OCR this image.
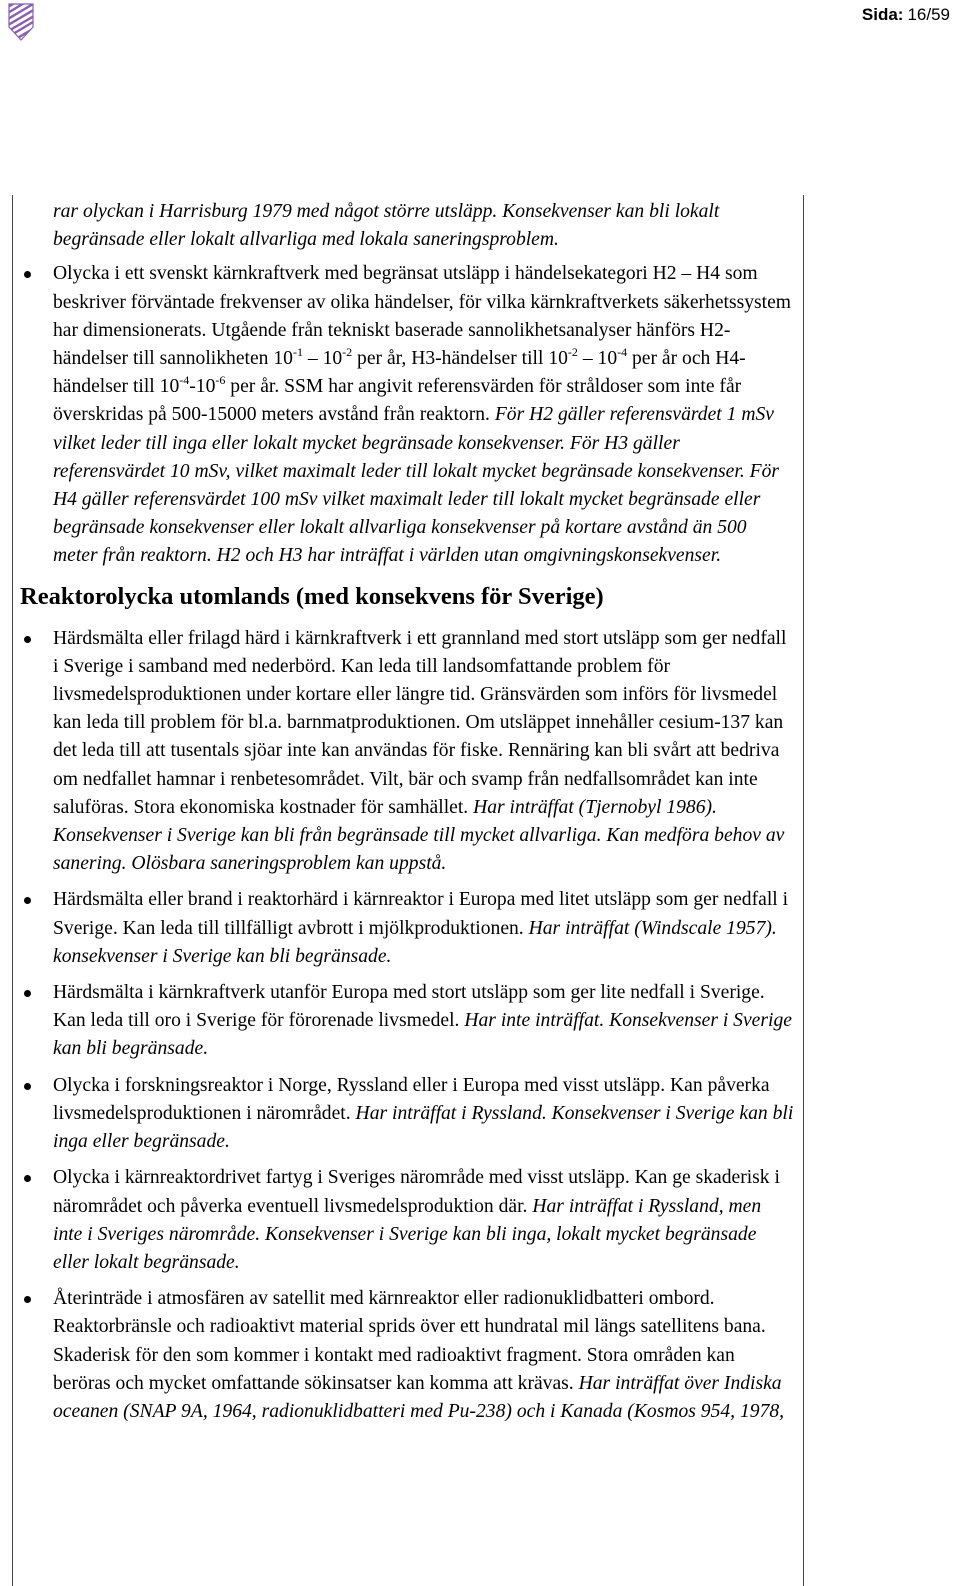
Sida: 16/59

rar olyckan i Harrisburg 1979 med något större utsläpp. Konsekvenser kan bli lokalt begränsade eller lokalt allvarliga med lokala saneringsproblem.

Olycka i ett svenskt kärnkraftverk med begränsat utsläpp i händelsekategori H2 – H4 som beskriver förväntade frekvenser av olika händelser, för vilka kärnkraftverkets säkerhetssystem har dimensionerats. Utgående från tekniskt baserade sannolikhetsanalyser hänförs H2-händelser till sannolikheten $10^{-1} - 10^{-2}$ per år, H3-händelser till $10^{-2} - 10^{-4}$ per år och H4-händelser till $10^{-4}-10^{-6}$ per år. SSM har angivit referensvärden för stråldoser som inte får överskridas på 500-15000 meters avstånd från reaktorn. För H2 gäller referensvärdet 1 mSv vilket leder till inga eller lokalt mycket begränsade konsekvenser. För H3 gäller referensvärdet 10 mSv, vilket maximalt leder till lokalt mycket begränsade konsekvenser. För H4 gäller referensvärdet 100 mSv vilket maximalt leder till lokalt mycket begränsade eller begränsade konsekvenser eller lokalt allvarliga konsekvenser på kortare avstånd än 500 meter från reaktorn. H2 och H3 har inträffat i världen utan omgivningskonsekvenser.
Reaktorolycka utomlands (med konsekvens för Sverige)
Härdsmälta eller frilagd härd i kärnkraftverk i ett grannland med stort utsläpp som ger nedfall i Sverige i samband med nederbörd. Kan leda till landsomfattande problem för livsmedelsproduktionen under kortare eller längre tid. Gränsvärden som införs för livsmedel kan leda till problem för bl.a. barnmatproduktionen. Om utsläppet innehåller cesium-137 kan det leda till att tusentals sjöar inte kan användas för fiske. Rennäring kan bli svårt att bedriva om nedfallet hamnar i renbetesområdet. Vilt, bär och svamp från nedfallsområdet kan inte saluföras. Stora ekonomiska kostnader för samhället. Har inträffat (Tjernobyl 1986). Konsekvenser i Sverige kan bli från begränsade till mycket allvarliga. Kan medföra behov av sanering. Olösbara saneringsproblem kan uppstå.
Härdsmälta eller brand i reaktorhärd i kärnreaktor i Europa med litet utsläpp som ger nedfall i Sverige. Kan leda till tillfälligt avbrott i mjölkproduktionen. Har inträffat (Windscale 1957). konsekvenser i Sverige kan bli begränsade.
Härdsmälta i kärnkraftverk utanför Europa med stort utsläpp som ger lite nedfall i Sverige. Kan leda till oro i Sverige för förorenade livsmedel. Har inte inträffat. Konsekvenser i Sverige kan bli begränsade.
Olycka i forskningsreaktor i Norge, Ryssland eller i Europa med visst utsläpp. Kan påverka livsmedelsproduktionen i närområdet. Har inträffat i Ryssland. Konsekvenser i Sverige kan bli inga eller begränsade.
Olycka i kärnreaktordrivet fartyg i Sveriges närområde med visst utsläpp. Kan ge skaderisk i närområdet och påverka eventuell livsmedelsproduktion där. Har inträffat i Ryssland, men inte i Sveriges närområde. Konsekvenser i Sverige kan bli inga, lokalt mycket begränsade eller lokalt begränsade.
Återinträde i atmosfären av satellit med kärnreaktor eller radionuklidbatteri ombord. Reaktorbränsle och radioaktivt material sprids över ett hundratal mil längs satellitens bana. Skaderisk för den som kommer i kontakt med radioaktivt fragment. Stora områden kan beröras och mycket omfattande sökinsatser kan komma att krävas. Har inträffat över Indiska oceanen (SNAP 9A, 1964, radionuklidbatteri med Pu-238) och i Kanada (Kosmos 954, 1978,
